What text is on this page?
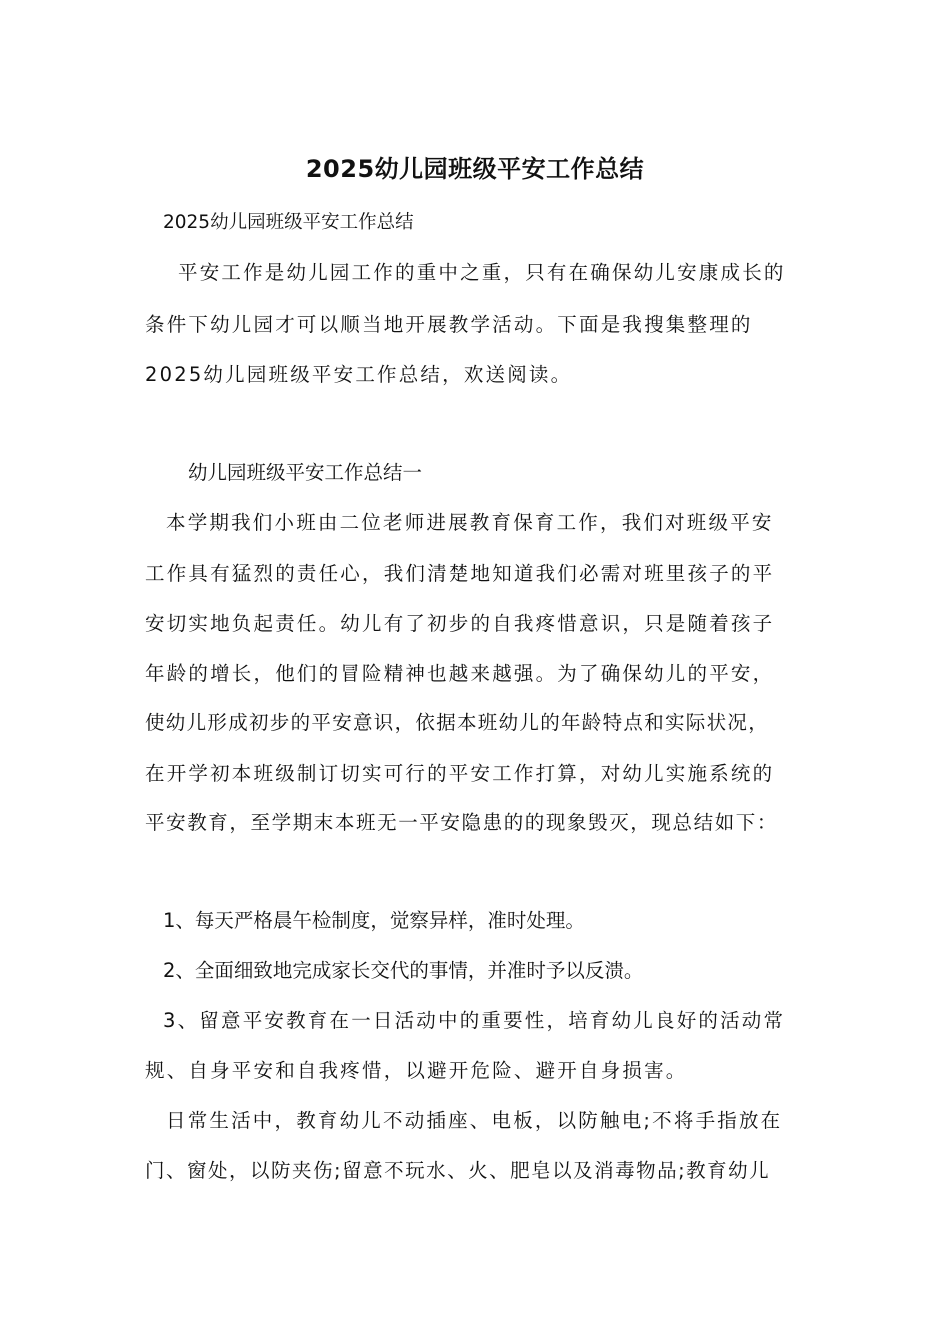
2025幼儿园班级平安工作总结
2025幼儿园班级平安工作总结
平安工作是幼儿园工作的重中之重，只有在确保幼儿安康成长的
条件下幼儿园才可以顺当地开展教学活动。下面是我搜集整理的
2025幼儿园班级平安工作总结，欢送阅读。
幼儿园班级平安工作总结一
本学期我们小班由二位老师进展教育保育工作，我们对班级平安
工作具有猛烈的责任心，我们清楚地知道我们必需对班里孩子的平
安切实地负起责任。幼儿有了初步的自我疼惜意识，只是随着孩子
年龄的增长，他们的冒险精神也越来越强。为了确保幼儿的平安，
使幼儿形成初步的平安意识，依据本班幼儿的年龄特点和实际状况，
在开学初本班级制订切实可行的平安工作打算，对幼儿实施系统的
平安教育，至学期末本班无一平安隐患的的现象毁灭，现总结如下：
1、每天严格晨午检制度，觉察异样，准时处理。
2、全面细致地完成家长交代的事情，并准时予以反溃。
3、留意平安教育在一日活动中的重要性，培育幼儿良好的活动常
规、自身平安和自我疼惜，以避开危险、避开自身损害。
日常生活中，教育幼儿不动插座、电板，以防触电;不将手指放在
门、窗处，以防夹伤;留意不玩水、火、肥皂以及消毒物品;教育幼儿
